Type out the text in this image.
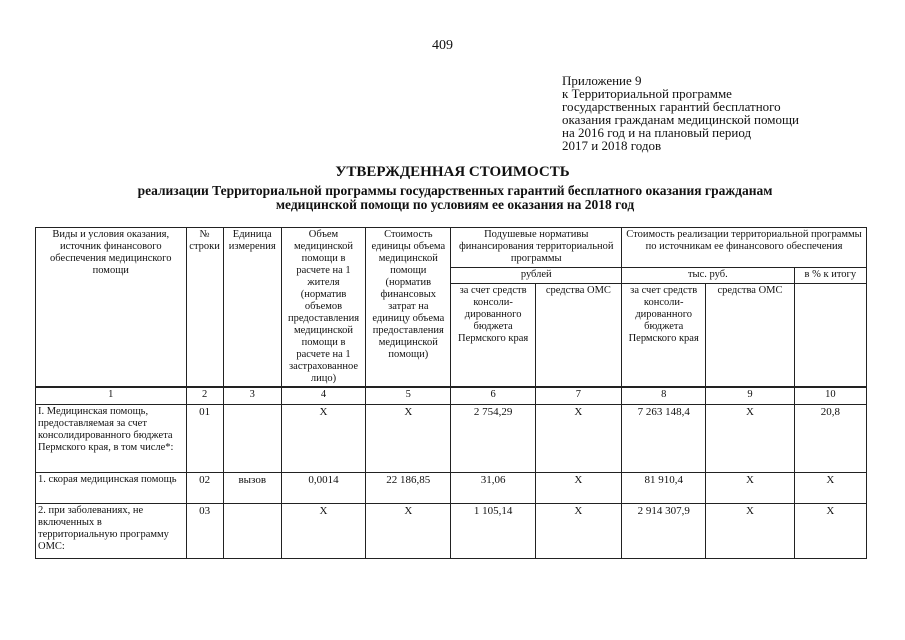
409
Приложение 9
к Территориальной программе
государственных гарантий бесплатного
оказания гражданам медицинской помощи
на 2016 год и на плановый период
2017 и 2018 годов
УТВЕРЖДЕННАЯ СТОИМОСТЬ
реализации Территориальной программы государственных гарантий бесплатного оказания гражданам
медицинской помощи по условиям ее оказания на 2018 год
Виды и условия оказания, источник финансового обеспечения медицинского помощи	№ строки	Единица измерения	Объем медицинской помощи в расчете на 1 жителя (норматив объемов предоставления медицинской помощи в расчете на 1 застрахованное лицо)	Стоимость единицы объема медицинской помощи (норматив финансовых затрат на единицу объема предоставления медицинской помощи)	Подушевые нормативы финансирования территориальной программы		Стоимость реализации территориальной программы по источникам ее финансового обеспечения		
					рублей		тыс. руб.		в % к итогу
					за счет средств консоли-дированного бюджета Пермского края	средства ОМС	за счет средств консоли-дированного бюджета Пермского края	средства ОМС	
1	2	3	4	5	6	7	8	9	10
I. Медицинская помощь, предоставляемая за счет консолидированного бюджета Пермского края, в том числе*:	01		X	X	2 754,29	X	7 263 148,4	X	20,8
1. скорая медицинская помощь	02	вызов	0,0014	22 186,85	31,06	X	81 910,4	X	X
2. при заболеваниях, не включенных в территориальную программу ОМС:	03		X	X	1 105,14	X	2 914 307,9	X	X
